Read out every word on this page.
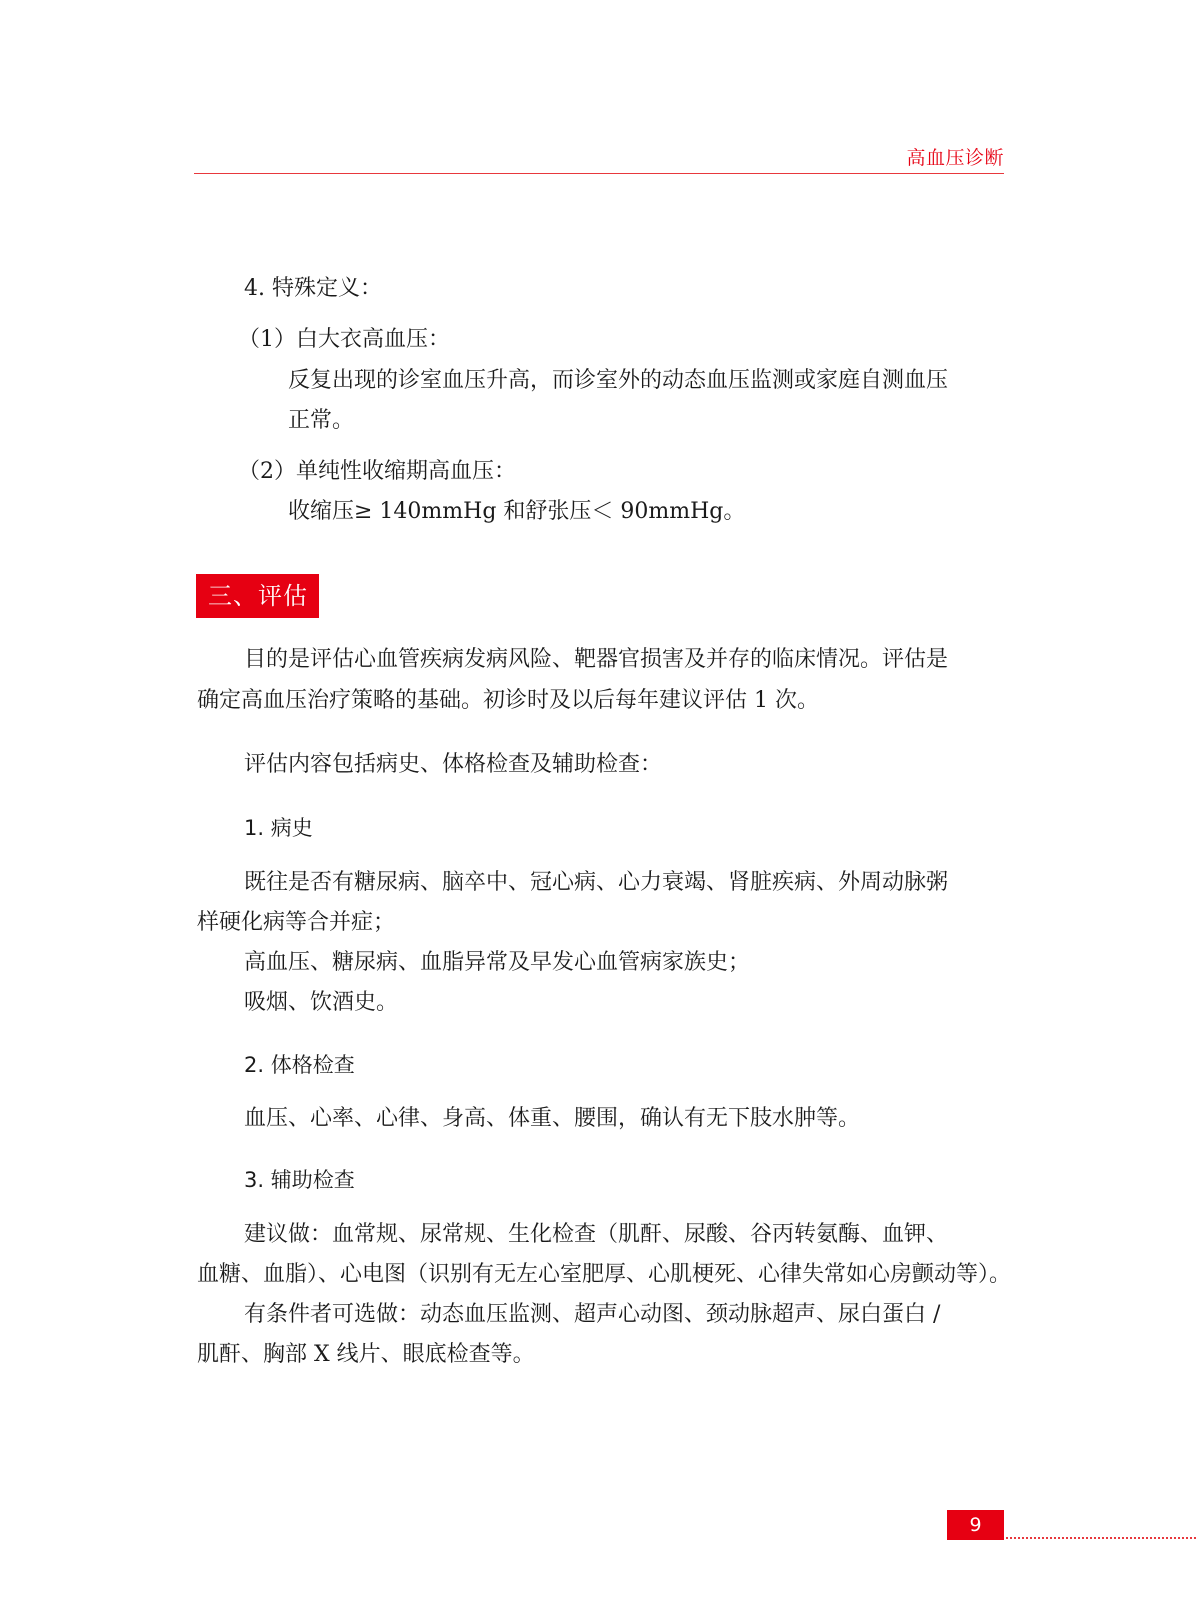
高血压诊断
4. 特殊定义：
（1）白大衣高血压：
反复出现的诊室血压升高，而诊室外的动态血压监测或家庭自测血压
正常。
（2）单纯性收缩期高血压：
收缩压≥ 140mmHg 和舒张压＜ 90mmHg。
三、评估
目的是评估心血管疾病发病风险、靶器官损害及并存的临床情况。评估是
确定高血压治疗策略的基础。初诊时及以后每年建议评估 1 次。
评估内容包括病史、体格检查及辅助检查：
1. 病史
既往是否有糖尿病、脑卒中、冠心病、心力衰竭、肾脏疾病、外周动脉粥
样硬化病等合并症；
高血压、糖尿病、血脂异常及早发心血管病家族史；
吸烟、饮酒史。
2. 体格检查
血压、心率、心律、身高、体重、腰围，确认有无下肢水肿等。
3. 辅助检查
建议做：血常规、尿常规、生化检查（肌酐、尿酸、谷丙转氨酶、血钾、
血糖、血脂）、心电图（识别有无左心室肥厚、心肌梗死、心律失常如心房颤动等）。
有条件者可选做：动态血压监测、超声心动图、颈动脉超声、尿白蛋白 /
肌酐、胸部 X 线片、眼底检查等。
9
